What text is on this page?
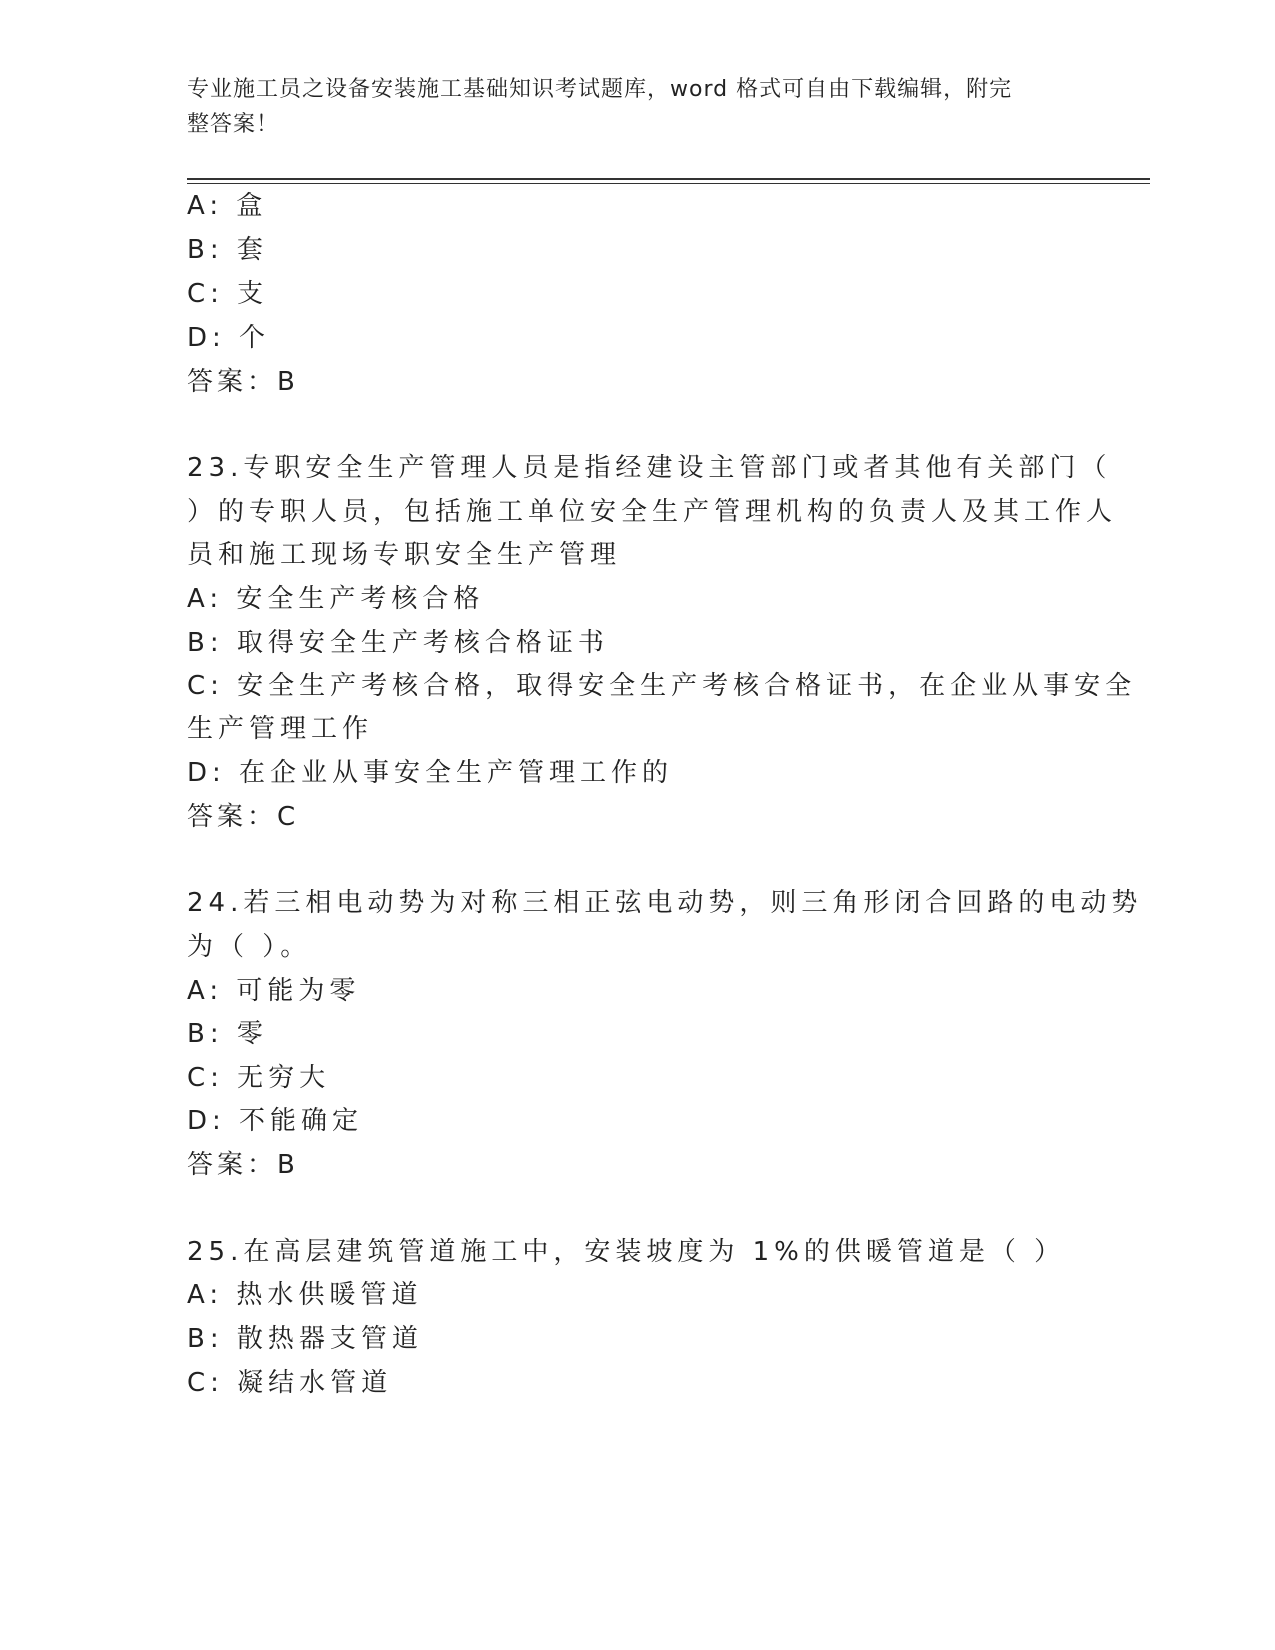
专业施工员之设备安装施工基础知识考试题库，word 格式可自由下载编辑，附完
整答案！
A: 盒
B: 套
C: 支
D: 个
答案：B
23.专职安全生产管理人员是指经建设主管部门或者其他有关部门（
）的专职人员，包括施工单位安全生产管理机构的负责人及其工作人
员和施工现场专职安全生产管理
A: 安全生产考核合格
B: 取得安全生产考核合格证书
C: 安全生产考核合格，取得安全生产考核合格证书，在企业从事安全
生产管理工作
D: 在企业从事安全生产管理工作的
答案：C
24.若三相电动势为对称三相正弦电动势，则三角形闭合回路的电动势
为（ ）。
A: 可能为零
B: 零
C: 无穷大
D: 不能确定
答案：B
25.在高层建筑管道施工中，安装坡度为 1%的供暖管道是（ ）
A: 热水供暖管道
B: 散热器支管道
C: 凝结水管道
